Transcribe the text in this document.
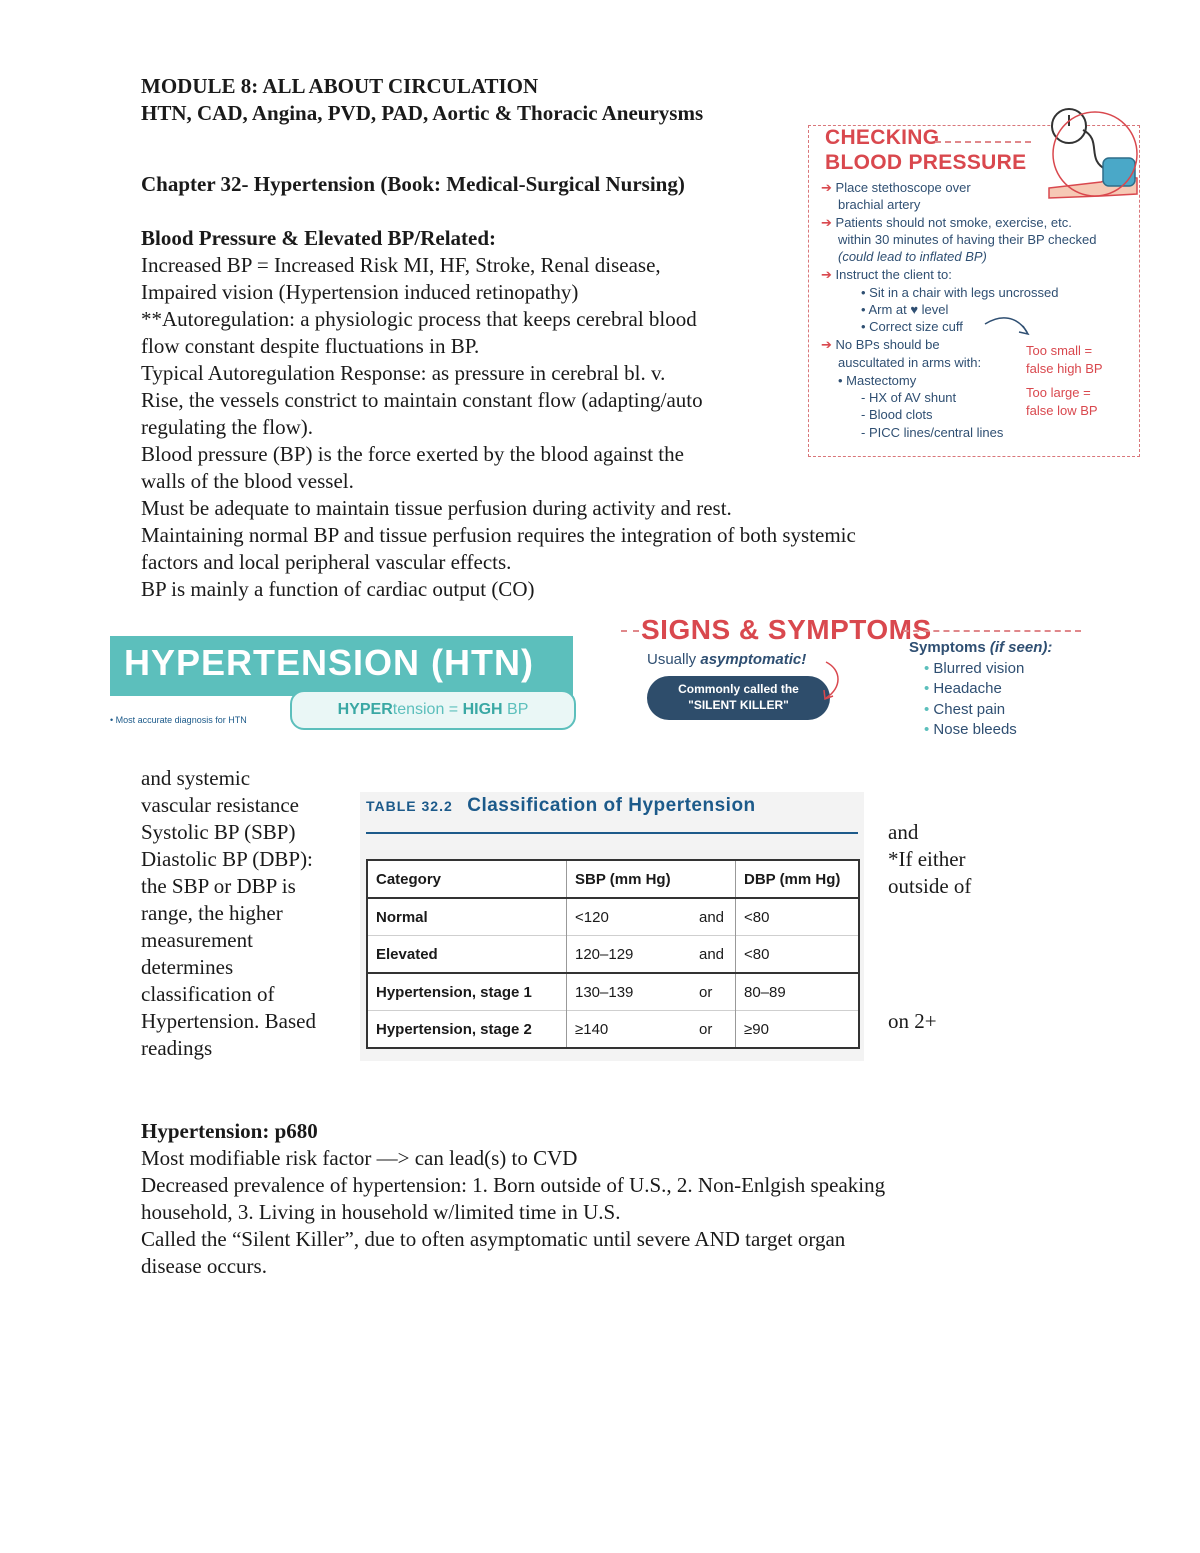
MODULE 8: ALL ABOUT CIRCULATION
HTN, CAD, Angina, PVD, PAD, Aortic & Thoracic Aneurysms
Chapter 32- Hypertension (Book: Medical-Surgical Nursing)
Blood Pressure & Elevated BP/Related:
Increased BP = Increased Risk MI, HF, Stroke, Renal disease,
Impaired vision (Hypertension induced retinopathy)
**Autoregulation: a physiologic process that keeps cerebral blood
flow constant despite fluctuations in BP.
Typical Autoregulation Response: as pressure in cerebral bl. v.
Rise, the vessels constrict to maintain constant flow (adapting/auto
regulating the flow).
Blood pressure (BP) is the force exerted by the blood against the
walls of the blood vessel.
Must be adequate to maintain tissue perfusion during activity and rest.
Maintaining normal BP and tissue perfusion requires the integration of both systemic
factors and local peripheral vascular effects.
BP is mainly a function of cardiac output (CO)
CHECKING
BLOOD PRESSURE
➔ Place stethoscope over
brachial artery
➔ Patients should not smoke, exercise, etc.
within 30 minutes of having their BP checked
(could lead to inflated BP)
➔ Instruct the client to:
• Sit in a chair with legs uncrossed
• Arm at ♥ level
• Correct size cuff
➔ No BPs should be
auscultated in arms with:
• Mastectomy
- HX of AV shunt
- Blood clots
- PICC lines/central lines
Too small =
false high BP
Too large =
false low BP
HYPERTENSION (HTN)
HYPERtension = HIGH BP
• Most accurate diagnosis for HTN
SIGNS & SYMPTOMS
Usually asymptomatic!
Commonly called the
"SILENT KILLER"
Symptoms (if seen):
• Blurred vision
• Headache
• Chest pain
• Nose bleeds
and systemic
vascular resistance
Systolic BP (SBP)
Diastolic BP (DBP):
the SBP or DBP is
range, the higher
measurement
determines
classification of
Hypertension. Based
readings
and
*If either
outside of
on 2+
TABLE 32.2 Classification of Hypertension
Category	SBP (mm Hg)		DBP (mm Hg)
Normal	<120	and	<80
Elevated	120–129	and	<80
Hypertension, stage 1	130–139	or	80–89
Hypertension, stage 2	≥140	or	≥90
Hypertension: p680
Most modifiable risk factor —> can lead(s) to CVD
Decreased prevalence of hypertension: 1. Born outside of U.S., 2. Non-Enlgish speaking
household, 3. Living in household w/limited time in U.S.
Called the “Silent Killer”, due to often asymptomatic until severe AND target organ
disease occurs.
